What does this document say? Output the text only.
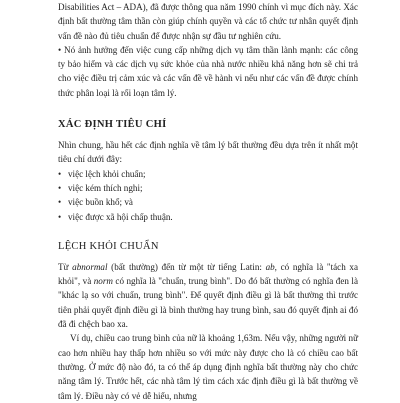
Disabilities Act – ADA), đã được thông qua năm 1990 chính vì mục đích này. Xác định bất thường tâm thần còn giúp chính quyền và các tổ chức tư nhân quyết định vấn đề nào đủ tiêu chuẩn để được nhận sự đầu tư nghiên cứu.

• Nó ảnh hưởng đến việc cung cấp những dịch vụ tâm thần lành mạnh: các công ty bảo hiểm và các dịch vụ sức khỏe của nhà nước nhiều khả năng hơn sẽ chi trả cho việc điều trị cảm xúc và các vấn đề về hành vi nếu như các vấn đề được chính thức phân loại là rối loạn tâm lý.

XÁC ĐỊNH TIÊU CHÍ

Nhìn chung, hầu hết các định nghĩa về tâm lý bất thường đều dựa trên ít nhất một tiêu chí dưới đây:

• việc lệch khỏi chuẩn;
• việc kém thích nghi;
• việc buồn khổ; và
• việc được xã hội chấp thuận.
LỆCH KHỎI CHUẨN

Từ abnormal (bất thường) đến từ một từ tiếng Latin: ab, có nghĩa là "tách xa khỏi", và norm có nghĩa là "chuẩn, trung bình". Do đó bất thường có nghĩa đen là "khác lạ so với chuẩn, trung bình". Để quyết định điều gì là bất thường thì trước tiên phải quyết định điều gì là bình thường hay trung bình, sau đó quyết định ai đó đã đi chệch bao xa.

Ví dụ, chiều cao trung bình của nữ là khoảng 1,63m. Nếu vậy, những người nữ cao hơn nhiều hay thấp hơn nhiều so với mức này được cho là có chiều cao bất thường. Ở mức độ nào đó, ta có thể áp dụng định nghĩa bất thường này cho chức năng tâm lý. Trước hết, các nhà tâm lý tìm cách xác định điều gì là bất thường về tâm lý. Điều này có vẻ dễ hiểu, nhưng
